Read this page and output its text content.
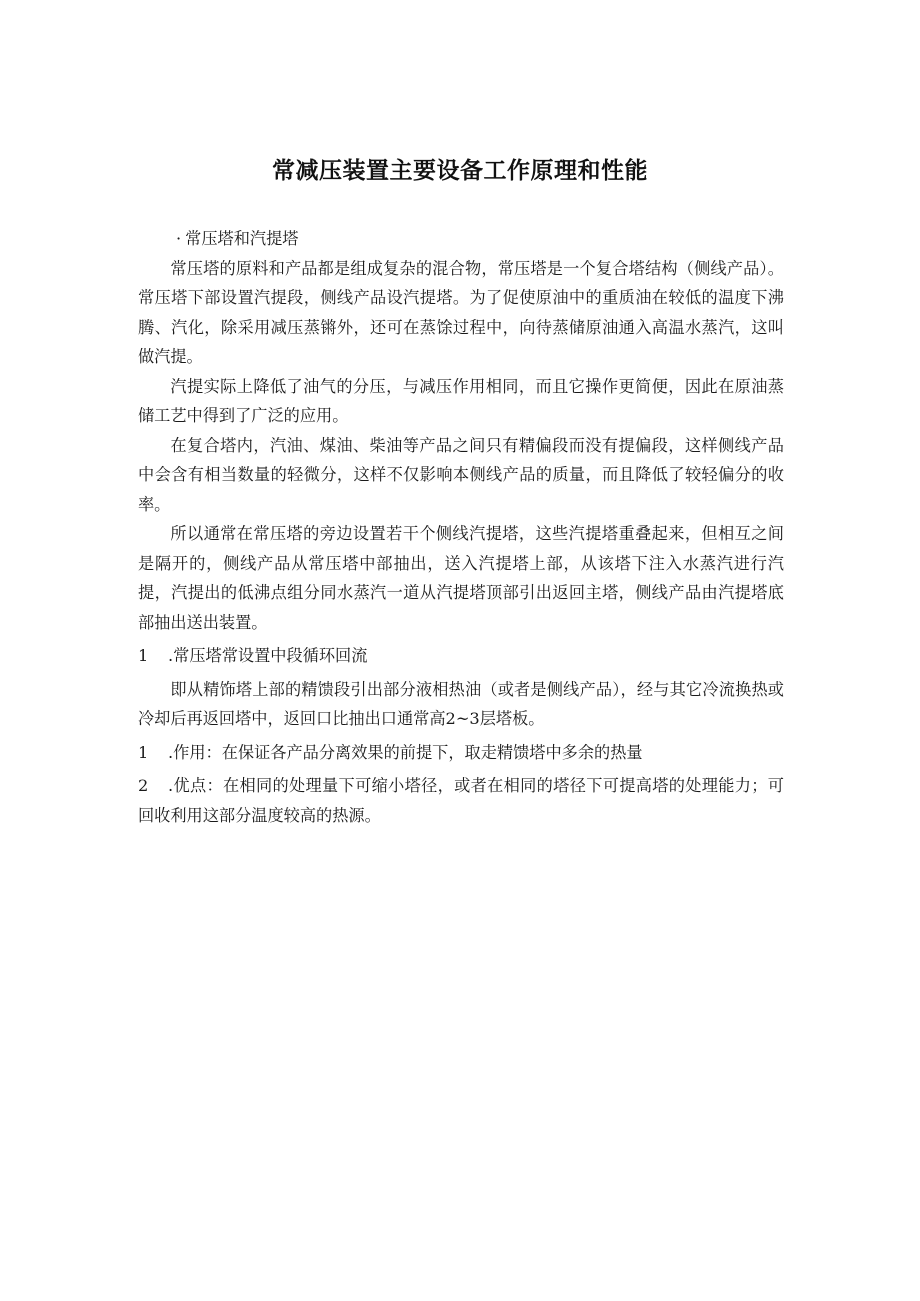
常减压装置主要设备工作原理和性能

· 常压塔和汽提塔

常压塔的原料和产品都是组成复杂的混合物，常压塔是一个复合塔结构（侧线产品）。常压塔下部设置汽提段，侧线产品设汽提塔。为了促使原油中的重质油在较低的温度下沸腾、汽化，除采用减压蒸锵外，还可在蒸馀过程中，向待蒸储原油通入高温水蒸汽，这叫做汽提。

汽提实际上降低了油气的分压，与减压作用相同，而且它操作更简便，因此在原油蒸储工艺中得到了广泛的应用。

在复合塔内，汽油、煤油、柴油等产品之间只有精偏段而没有提偏段，这样侧线产品中会含有相当数量的轻微分，这样不仅影响本侧线产品的质量，而且降低了较轻偏分的收率。

所以通常在常压塔的旁边设置若干个侧线汽提塔，这些汽提塔重叠起来，但相互之间是隔开的，侧线产品从常压塔中部抽出，送入汽提塔上部，从该塔下注入水蒸汽进行汽提，汽提出的低沸点组分同水蒸汽一道从汽提塔顶部引出返回主塔，侧线产品由汽提塔底部抽出送出装置。

1 .常压塔常设置中段循环回流

即从精饰塔上部的精馈段引出部分液相热油（或者是侧线产品），经与其它冷流换热或冷却后再返回塔中，返回口比抽出口通常高2~3层塔板。

1 .作用：在保证各产品分离效果的前提下，取走精馈塔中多余的热量

2 .优点：在相同的处理量下可缩小塔径，或者在相同的塔径下可提高塔的处理能力；可回收利用这部分温度较高的热源。
